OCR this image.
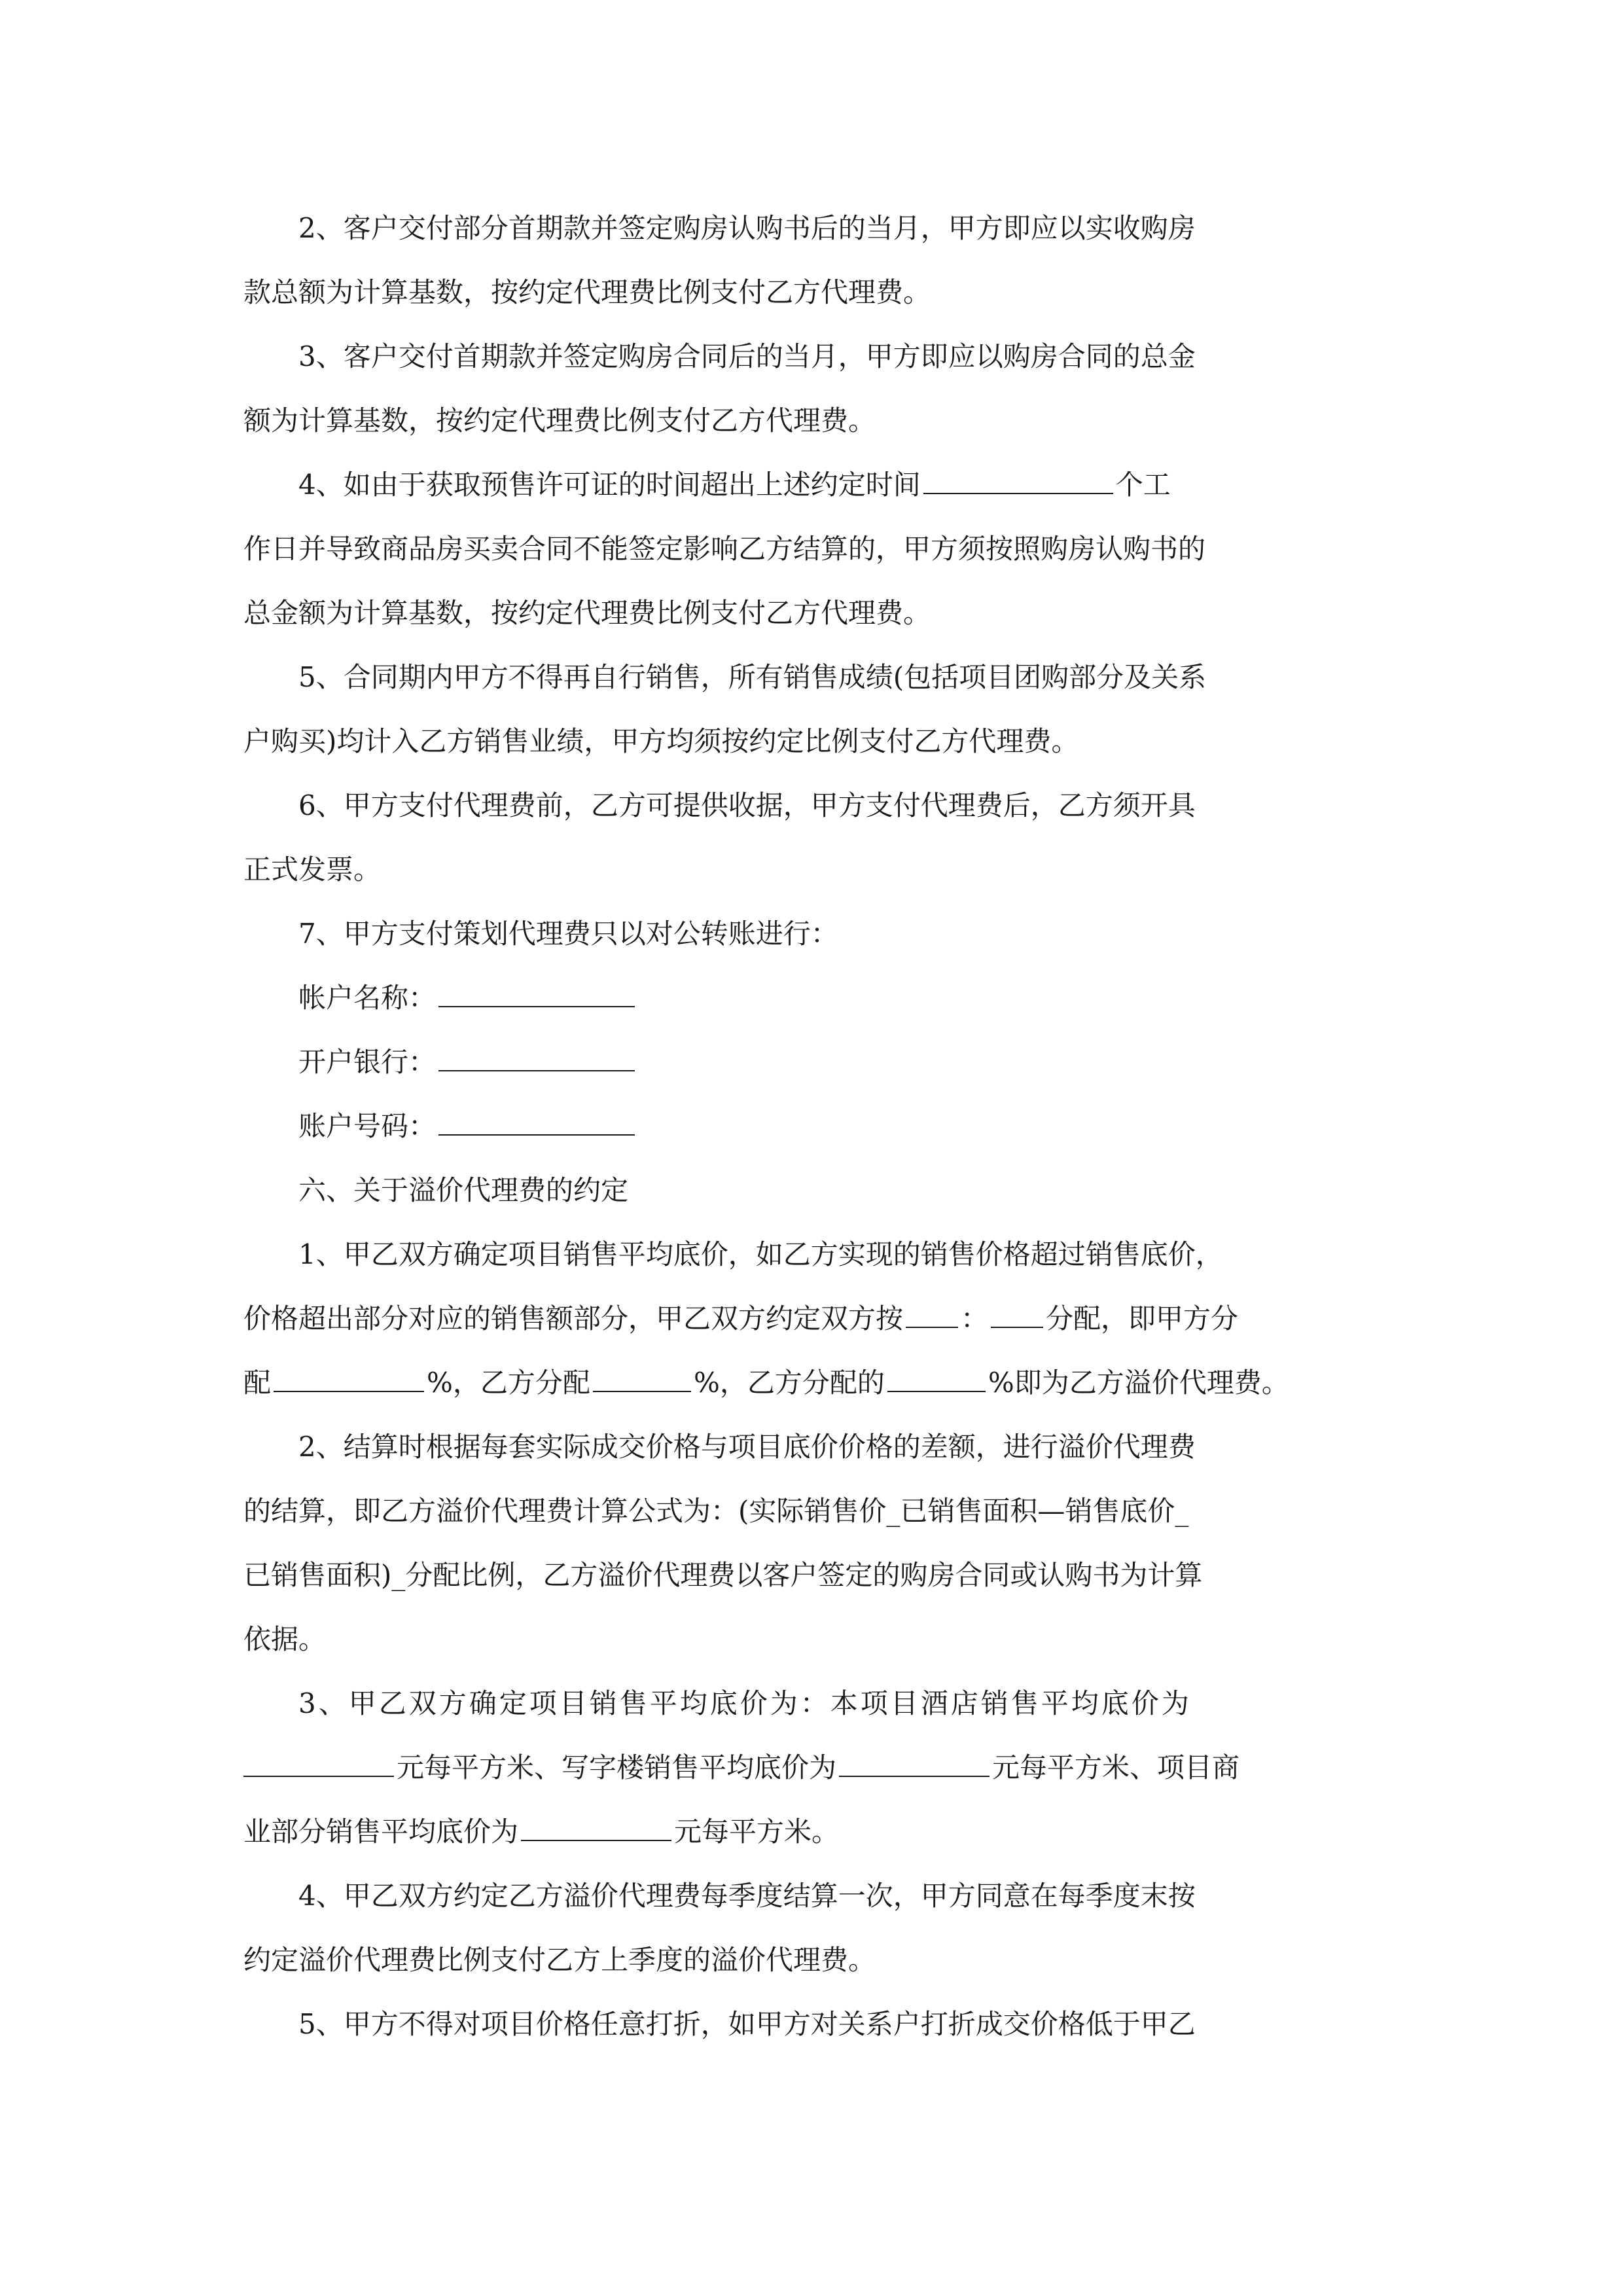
2、客户交付部分首期款并签定购房认购书后的当月，甲方即应以实收购房
款总额为计算基数，按约定代理费比例支付乙方代理费。
3、客户交付首期款并签定购房合同后的当月，甲方即应以购房合同的总金
额为计算基数，按约定代理费比例支付乙方代理费。
4、如由于获取预售许可证的时间超出上述约定时间	个工
作日并导致商品房买卖合同不能签定影响乙方结算的，甲方须按照购房认购书的
总金额为计算基数，按约定代理费比例支付乙方代理费。
5、合同期内甲方不得再自行销售，所有销售成绩(包括项目团购部分及关系
户购买)均计入乙方销售业绩，甲方均须按约定比例支付乙方代理费。
6、甲方支付代理费前，乙方可提供收据，甲方支付代理费后，乙方须开具
正式发票。
7、甲方支付策划代理费只以对公转账进行：
帐户名称：
开户银行：
账户号码：
六、关于溢价代理费的约定
1、甲乙双方确定项目销售平均底价，如乙方实现的销售价格超过销售底价，
价格超出部分对应的销售额部分，甲乙双方约定双方按 ： 分配，即甲方分
配	%，乙方分配	%，乙方分配的	%即为乙方溢价代理费。
2、结算时根据每套实际成交价格与项目底价价格的差额，进行溢价代理费
的结算，即乙方溢价代理费计算公式为：(实际销售价_已销售面积—销售底价_
已销售面积)_分配比例，乙方溢价代理费以客户签定的购房合同或认购书为计算
依据。
3、甲乙双方确定项目销售平均底价为：本项目酒店销售平均底价为
元每平方米、写字楼销售平均底价为	元每平方米、项目商
业部分销售平均底价为	元每平方米。
4、甲乙双方约定乙方溢价代理费每季度结算一次，甲方同意在每季度末按
约定溢价代理费比例支付乙方上季度的溢价代理费。
5、甲方不得对项目价格任意打折，如甲方对关系户打折成交价格低于甲乙
